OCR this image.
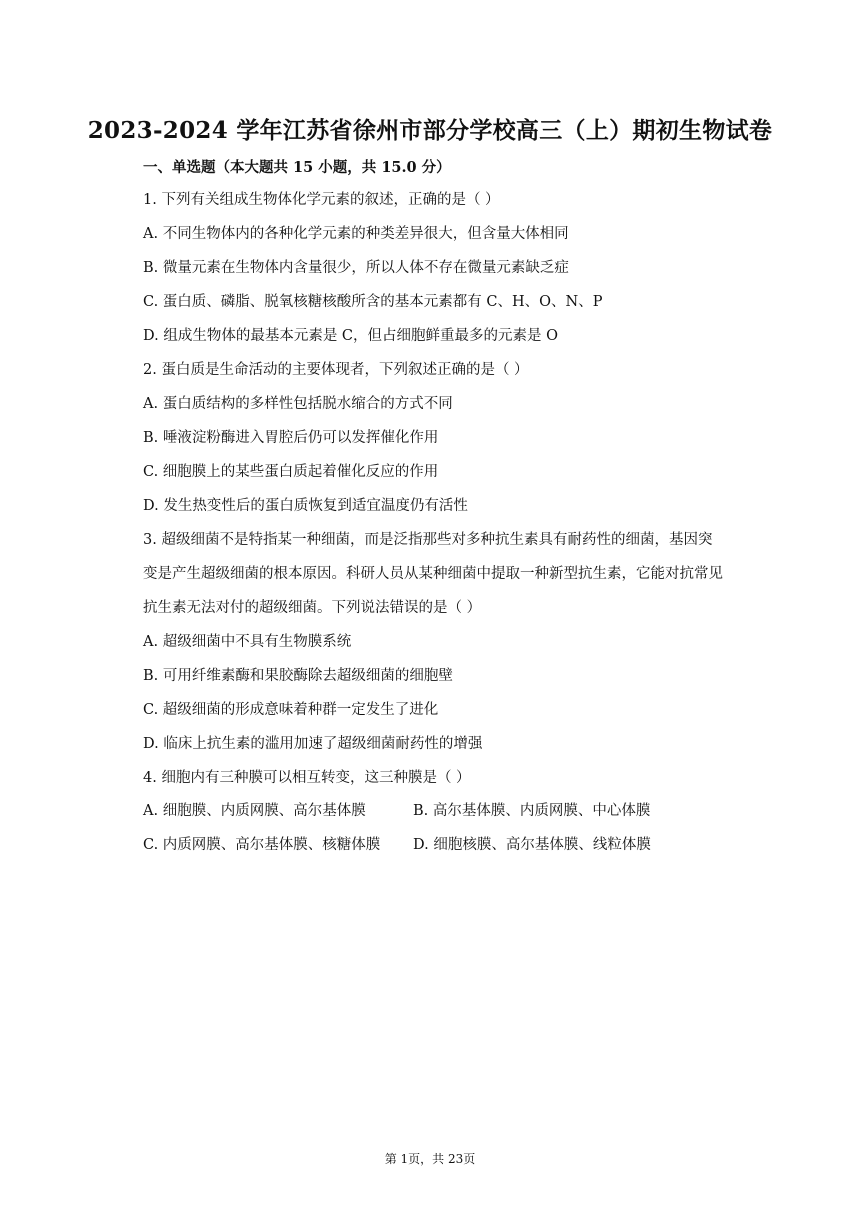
2023-2024 学年江苏省徐州市部分学校高三（上）期初生物试卷
一、单选题（本大题共 15 小题，共 15.0 分）
1. 下列有关组成生物体化学元素的叙述，正确的是（ ）
A. 不同生物体内的各种化学元素的种类差异很大，但含量大体相同
B. 微量元素在生物体内含量很少，所以人体不存在微量元素缺乏症
C. 蛋白质、磷脂、脱氧核糖核酸所含的基本元素都有 C、H、O、N、P
D. 组成生物体的最基本元素是 C，但占细胞鲜重最多的元素是 O
2. 蛋白质是生命活动的主要体现者，下列叙述正确的是（ ）
A. 蛋白质结构的多样性包括脱水缩合的方式不同
B. 唾液淀粉酶进入胃腔后仍可以发挥催化作用
C. 细胞膜上的某些蛋白质起着催化反应的作用
D. 发生热变性后的蛋白质恢复到适宜温度仍有活性
3. 超级细菌不是特指某一种细菌，而是泛指那些对多种抗生素具有耐药性的细菌，基因突
变是产生超级细菌的根本原因。科研人员从某种细菌中提取一种新型抗生素，它能对抗常见
抗生素无法对付的超级细菌。下列说法错误的是（ ）
A. 超级细菌中不具有生物膜系统
B. 可用纤维素酶和果胶酶除去超级细菌的细胞壁
C. 超级细菌的形成意味着种群一定发生了进化
D. 临床上抗生素的滥用加速了超级细菌耐药性的增强
4. 细胞内有三种膜可以相互转变，这三种膜是（ ）
A. 细胞膜、内质网膜、高尔基体膜	B. 高尔基体膜、内质网膜、中心体膜
C. 内质网膜、高尔基体膜、核糖体膜 D. 细胞核膜、高尔基体膜、线粒体膜
第 1页，共 23页
